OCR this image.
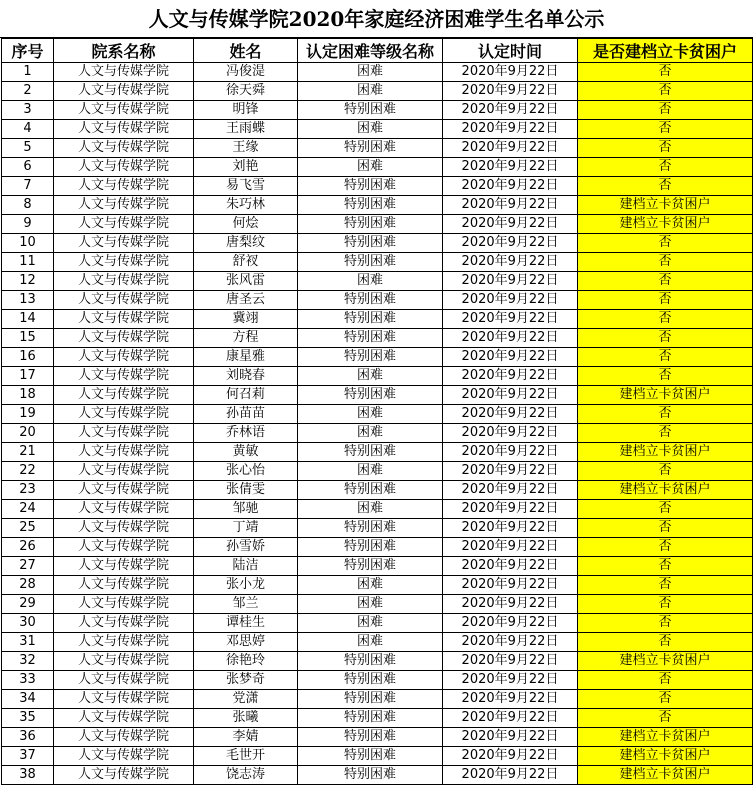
人文与传媒学院2020年家庭经济困难学生名单公示
序号	院系名称	姓名	认定困难等级名称	认定时间	是否建档立卡贫困户
1	人文与传媒学院	冯俊湜	困难	2020年9月22日	否
2	人文与传媒学院	徐天舜	困难	2020年9月22日	否
3	人文与传媒学院	明锋	特别困难	2020年9月22日	否
4	人文与传媒学院	王雨蝶	困难	2020年9月22日	否
5	人文与传媒学院	王缘	特别困难	2020年9月22日	否
6	人文与传媒学院	刘艳	困难	2020年9月22日	否
7	人文与传媒学院	易飞雪	特别困难	2020年9月22日	否
8	人文与传媒学院	朱巧林	特别困难	2020年9月22日	建档立卡贫困户
9	人文与传媒学院	何烩	特别困难	2020年9月22日	建档立卡贫困户
10	人文与传媒学院	唐梨纹	特别困难	2020年9月22日	否
11	人文与传媒学院	舒衩	特别困难	2020年9月22日	否
12	人文与传媒学院	张风雷	困难	2020年9月22日	否
13	人文与传媒学院	唐圣云	特别困难	2020年9月22日	否
14	人文与传媒学院	冀翊	特别困难	2020年9月22日	否
15	人文与传媒学院	方程	特别困难	2020年9月22日	否
16	人文与传媒学院	康星雅	特别困难	2020年9月22日	否
17	人文与传媒学院	刘晓春	困难	2020年9月22日	否
18	人文与传媒学院	何召莉	特别困难	2020年9月22日	建档立卡贫困户
19	人文与传媒学院	孙苗苗	困难	2020年9月22日	否
20	人文与传媒学院	乔林语	困难	2020年9月22日	否
21	人文与传媒学院	黄敏	特别困难	2020年9月22日	建档立卡贫困户
22	人文与传媒学院	张心怡	困难	2020年9月22日	否
23	人文与传媒学院	张倩雯	特别困难	2020年9月22日	建档立卡贫困户
24	人文与传媒学院	邹驰	困难	2020年9月22日	否
25	人文与传媒学院	丁靖	特别困难	2020年9月22日	否
26	人文与传媒学院	孙雪娇	特别困难	2020年9月22日	否
27	人文与传媒学院	陆洁	特别困难	2020年9月22日	否
28	人文与传媒学院	张小龙	困难	2020年9月22日	否
29	人文与传媒学院	邹兰	困难	2020年9月22日	否
30	人文与传媒学院	谭桂生	困难	2020年9月22日	否
31	人文与传媒学院	邓思婷	困难	2020年9月22日	否
32	人文与传媒学院	徐艳玲	特别困难	2020年9月22日	建档立卡贫困户
33	人文与传媒学院	张梦奇	特别困难	2020年9月22日	否
34	人文与传媒学院	党潇	特别困难	2020年9月22日	否
35	人文与传媒学院	张曦	特别困难	2020年9月22日	否
36	人文与传媒学院	李婧	特别困难	2020年9月22日	建档立卡贫困户
37	人文与传媒学院	毛世开	特别困难	2020年9月22日	建档立卡贫困户
38	人文与传媒学院	饶志涛	特别困难	2020年9月22日	建档立卡贫困户
